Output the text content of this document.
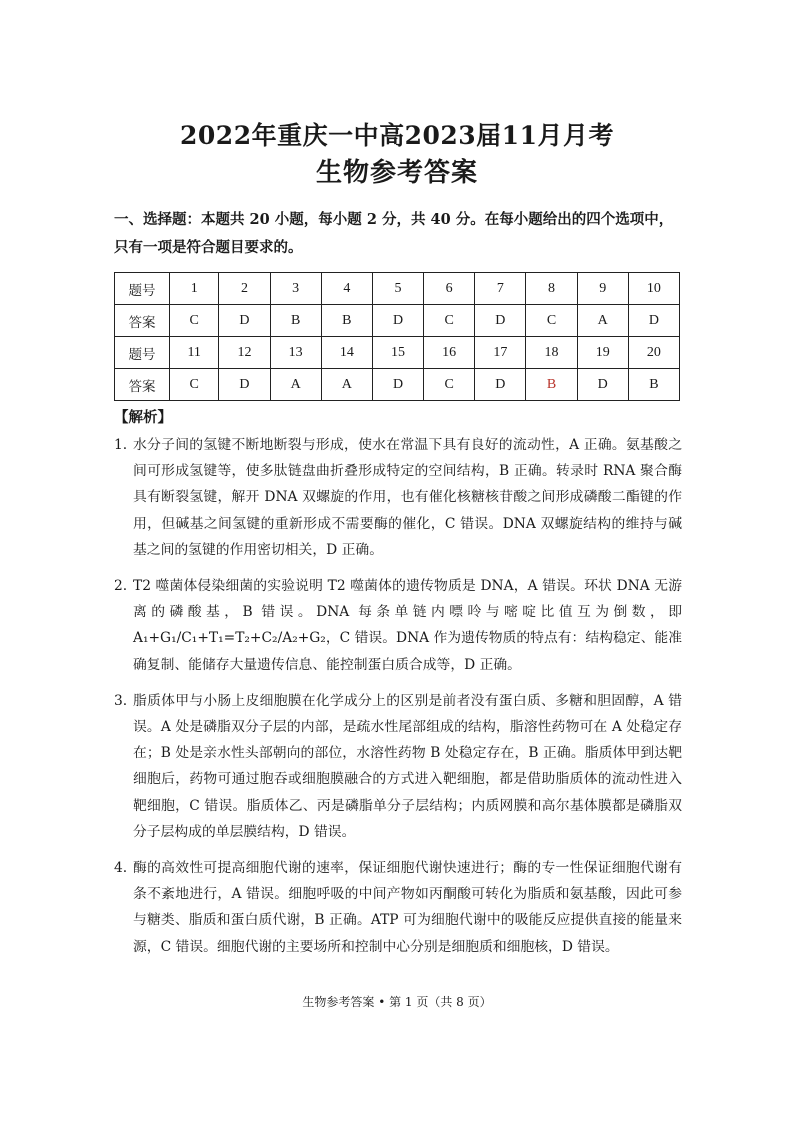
2022年重庆一中高2023届11月月考
生物参考答案
一、选择题：本题共 20 小题，每小题 2 分，共 40 分。在每小题给出的四个选项中，只有一项是符合题目要求的。
题号	1	2	3	4	5	6	7	8	9	10
答案	C	D	B	B	D	C	D	C	A	D
题号	11	12	13	14	15	16	17	18	19	20
答案	C	D	A	A	D	C	D	B	D	B
【解析】
1. 水分子间的氢键不断地断裂与形成，使水在常温下具有良好的流动性，A 正确。氨基酸之间可形成氢键等，使多肽链盘曲折叠形成特定的空间结构，B 正确。转录时 RNA 聚合酶具有断裂氢键，解开 DNA 双螺旋的作用，也有催化核糖核苷酸之间形成磷酸二酯键的作用，但碱基之间氢键的重新形成不需要酶的催化，C 错误。DNA 双螺旋结构的维持与碱基之间的氢键的作用密切相关，D 正确。
2. T2 噬菌体侵染细菌的实验说明 T2 噬菌体的遗传物质是 DNA，A 错误。环状 DNA 无游离的磷酸基，B 错误。DNA 每条单链内嘌呤与嘧啶比值互为倒数，即 A₁+G₁/C₁+T₁=T₂+C₂/A₂+G₂，C 错误。DNA 作为遗传物质的特点有：结构稳定、能准确复制、能储存大量遗传信息、能控制蛋白质合成等，D 正确。
3. 脂质体甲与小肠上皮细胞膜在化学成分上的区别是前者没有蛋白质、多糖和胆固醇，A 错误。A 处是磷脂双分子层的内部，是疏水性尾部组成的结构，脂溶性药物可在 A 处稳定存在；B 处是亲水性头部朝向的部位，水溶性药物 B 处稳定存在，B 正确。脂质体甲到达靶细胞后，药物可通过胞吞或细胞膜融合的方式进入靶细胞，都是借助脂质体的流动性进入靶细胞，C 错误。脂质体乙、丙是磷脂单分子层结构；内质网膜和高尔基体膜都是磷脂双分子层构成的单层膜结构，D 错误。
4. 酶的高效性可提高细胞代谢的速率，保证细胞代谢快速进行；酶的专一性保证细胞代谢有条不紊地进行，A 错误。细胞呼吸的中间产物如丙酮酸可转化为脂质和氨基酸，因此可参与糖类、脂质和蛋白质代谢，B 正确。ATP 可为细胞代谢中的吸能反应提供直接的能量来源，C 错误。细胞代谢的主要场所和控制中心分别是细胞质和细胞核，D 错误。
生物参考答案 • 第 1 页（共 8 页）
